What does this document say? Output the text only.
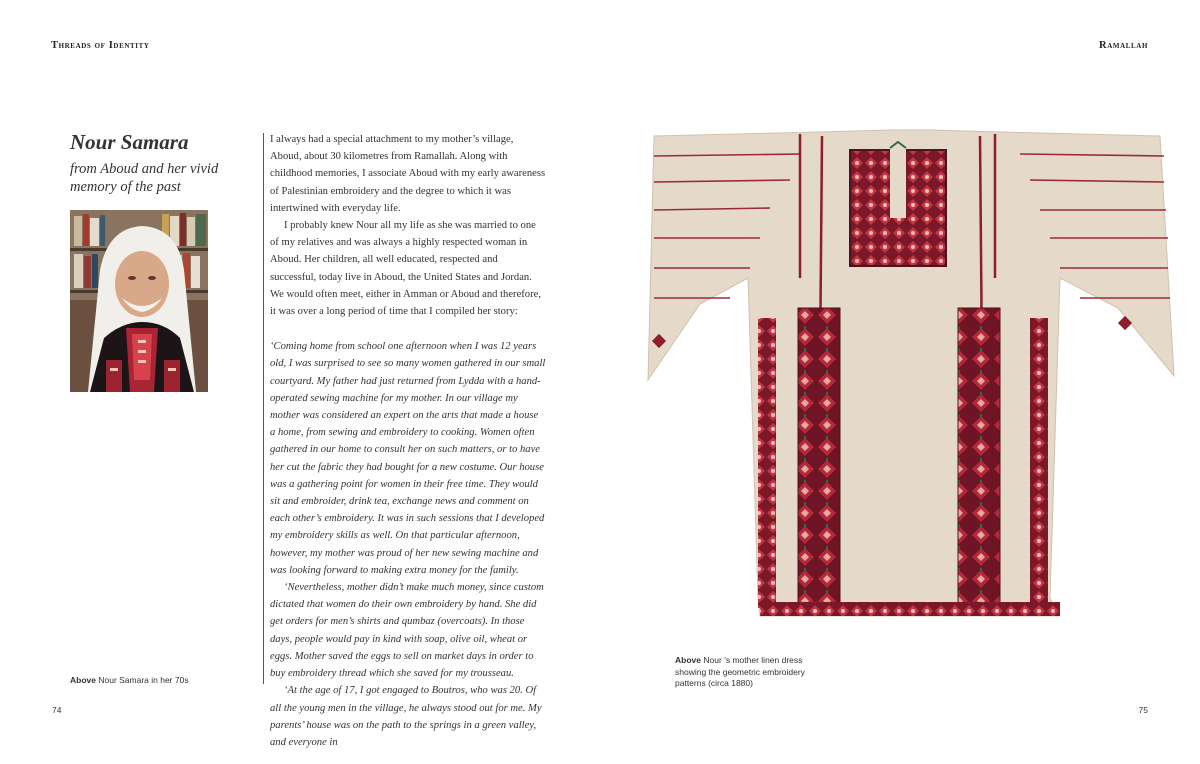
Threads of Identity	Ramallah
Nour Samara
from Aboud and her vivid memory of the past
Above Nour Samara in her 70s

I always had a special attachment to my mother’s village, Aboud, about 30 kilometres from Ramallah. Along with childhood memories, I associate Aboud with my early awareness of Palestinian embroidery and the degree to which it was intertwined with everyday life.

I probably knew Nour all my life as she was married to one of my relatives and was always a highly respected woman in Aboud. Her children, all well educated, respected and successful, today live in Aboud, the United States and Jordan. We would often meet, either in Amman or Aboud and therefore, it was over a long period of time that I compiled her story:

‘Coming home from school one afternoon when I was 12 years old, I was surprised to see so many women gathered in our small courtyard. My father had just returned from Lydda with a hand-operated sewing machine for my mother. In our village my mother was considered an expert on the arts that made a house a home, from sewing and embroidery to cooking. Women often gathered in our home to consult her on such matters, or to have her cut the fabric they had bought for a new costume. Our house was a gathering point for women in their free time. They would sit and embroider, drink tea, exchange news and comment on each other’s embroidery. It was in such sessions that I developed my embroidery skills as well. On that particular afternoon, however, my mother was proud of her new sewing machine and was looking forward to making extra money for the family.

‘Nevertheless, mother didn’t make much money, since custom dictated that women do their own embroidery by hand. She did get orders for men’s shirts and qumbaz (overcoats). In those days, people would pay in kind with soap, olive oil, wheat or eggs. Mother saved the eggs to sell on market days in order to buy embroidery thread which she saved for my trousseau.

‘At the age of 17, I got engaged to Boutros, who was 20. Of all the young men in the village, he always stood out for me. My parents’ house was on the path to the springs in a green valley, and everyone in

Above Nour ’s mother linen dress showing the geometric embroidery patterns (circa 1880)
74	75
